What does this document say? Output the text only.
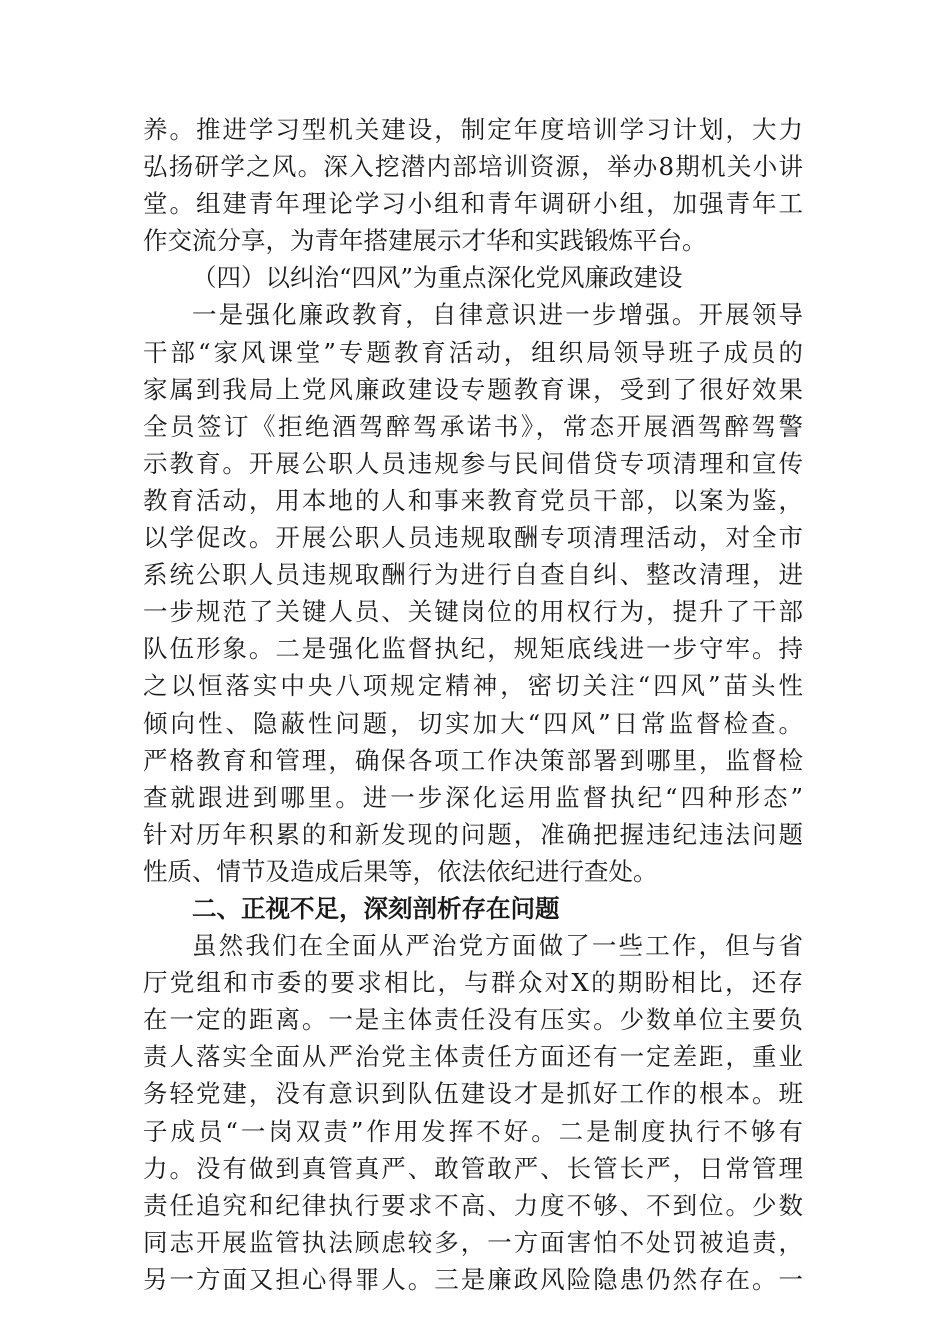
养。推进学习型机关建设，制定年度培训学习计划，大力
弘扬研学之风。深入挖潜内部培训资源，举办8期机关小讲
堂。组建青年理论学习小组和青年调研小组，加强青年工
作交流分享，为青年搭建展示才华和实践锻炼平台。
（四）以纠治“四风”为重点深化党风廉政建设
一是强化廉政教育，自律意识进一步增强。开展领导
干部“家风课堂”专题教育活动，组织局领导班子成员的
家属到我局上党风廉政建设专题教育课，受到了很好效果
全员签订《拒绝酒驾醉驾承诺书》，常态开展酒驾醉驾警
示教育。开展公职人员违规参与民间借贷专项清理和宣传
教育活动，用本地的人和事来教育党员干部，以案为鉴，
以学促改。开展公职人员违规取酬专项清理活动，对全市
系统公职人员违规取酬行为进行自查自纠、整改清理，进
一步规范了关键人员、关键岗位的用权行为，提升了干部
队伍形象。二是强化监督执纪，规矩底线进一步守牢。持
之以恒落实中央八项规定精神，密切关注“四风”苗头性
倾向性、隐蔽性问题，切实加大“四风”日常监督检查。
严格教育和管理，确保各项工作决策部署到哪里，监督检
查就跟进到哪里。进一步深化运用监督执纪“四种形态”
针对历年积累的和新发现的问题，准确把握违纪违法问题
性质、情节及造成后果等，依法依纪进行查处。
二、正视不足，深刻剖析存在问题
虽然我们在全面从严治党方面做了一些工作，但与省
厅党组和市委的要求相比，与群众对X的期盼相比，还存
在一定的距离。一是主体责任没有压实。少数单位主要负
责人落实全面从严治党主体责任方面还有一定差距，重业
务轻党建，没有意识到队伍建设才是抓好工作的根本。班
子成员“一岗双责”作用发挥不好。二是制度执行不够有
力。没有做到真管真严、敢管敢严、长管长严，日常管理
责任追究和纪律执行要求不高、力度不够、不到位。少数
同志开展监管执法顾虑较多，一方面害怕不处罚被追责，
另一方面又担心得罪人。三是廉政风险隐患仍然存在。一
